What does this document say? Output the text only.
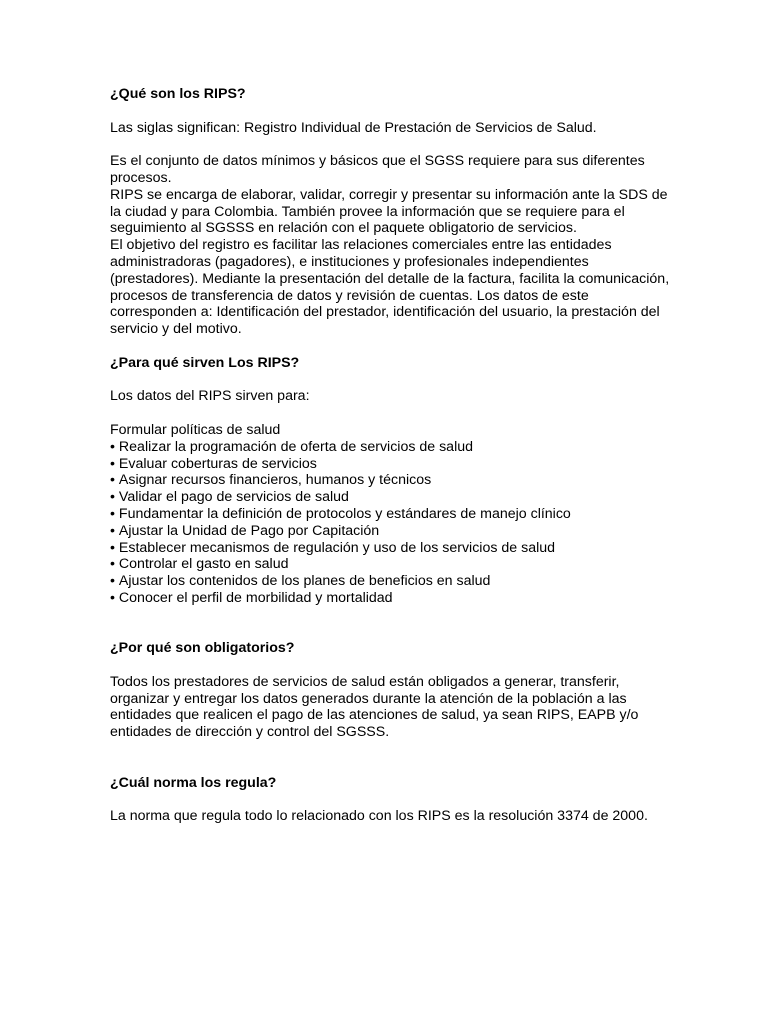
¿Qué son los RIPS?

Las siglas significan: Registro Individual de Prestación de Servicios de Salud.

Es el conjunto de datos mínimos y básicos que el SGSS requiere para sus diferentes procesos.

RIPS se encarga de elaborar, validar, corregir y presentar su información ante la SDS de la ciudad y para Colombia. También provee la información que se requiere para el seguimiento al SGSSS en relación con el paquete obligatorio de servicios.

El objetivo del registro es facilitar las relaciones comerciales entre las entidades administradoras (pagadores), e instituciones y profesionales independientes (prestadores). Mediante la presentación del detalle de la factura, facilita la comunicación, procesos de transferencia de datos y revisión de cuentas. Los datos de este corresponden a: Identificación del prestador, identificación del usuario, la prestación del servicio y del motivo.

¿Para qué sirven Los RIPS?

Los datos del RIPS sirven para:

Formular políticas de salud

• Realizar la programación de oferta de servicios de salud
• Evaluar coberturas de servicios
• Asignar recursos financieros, humanos y técnicos
• Validar el pago de servicios de salud
• Fundamentar la definición de protocolos y estándares de manejo clínico
• Ajustar la Unidad de Pago por Capitación
• Establecer mecanismos de regulación y uso de los servicios de salud
• Controlar el gasto en salud
• Ajustar los contenidos de los planes de beneficios en salud
• Conocer el perfil de morbilidad y mortalidad
¿Por qué son obligatorios?

Todos los prestadores de servicios de salud están obligados a generar, transferir, organizar y entregar los datos generados durante la atención de la población a las entidades que realicen el pago de las atenciones de salud, ya sean RIPS, EAPB y/o entidades de dirección y control del SGSSS.

¿Cuál norma los regula?

La norma que regula todo lo relacionado con los RIPS es la resolución 3374 de 2000.
